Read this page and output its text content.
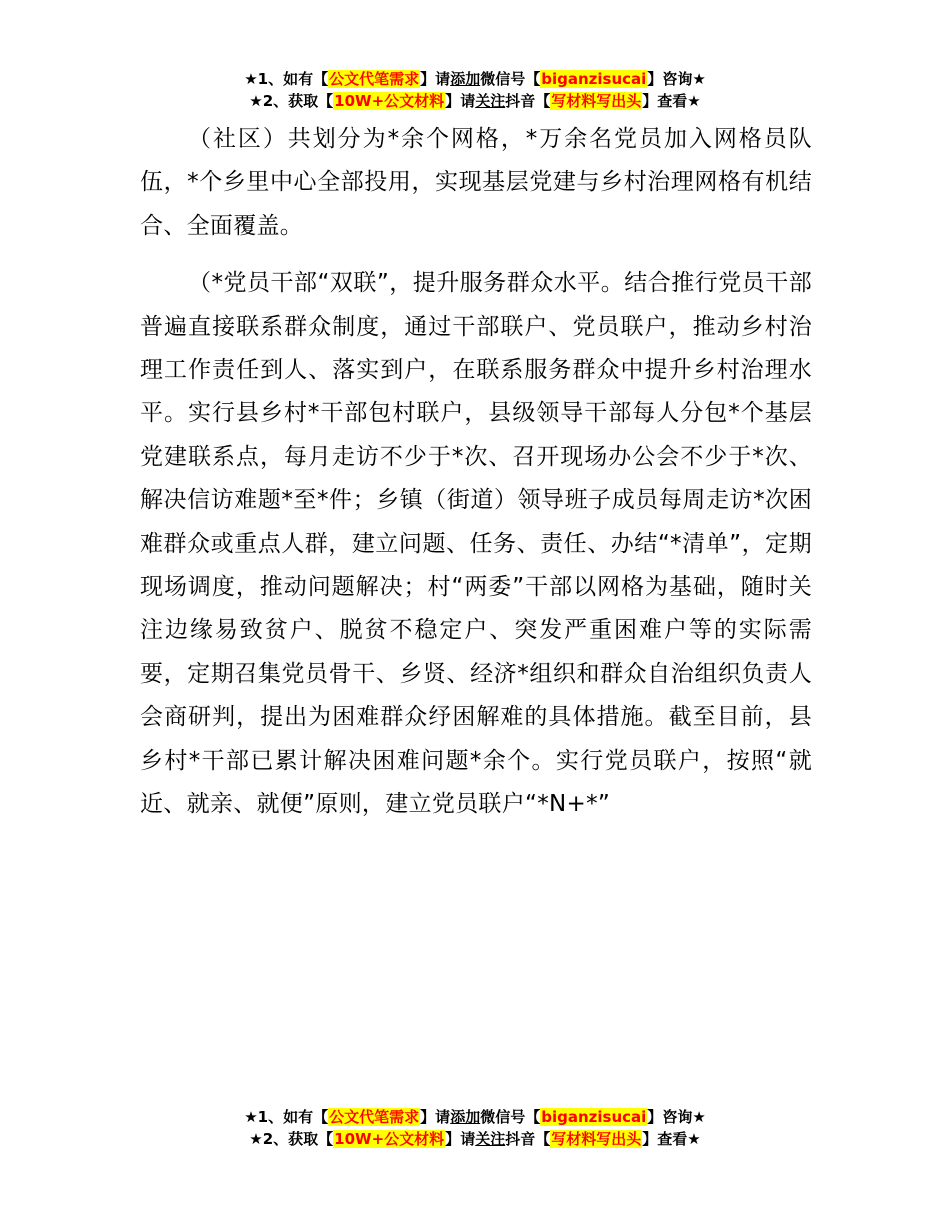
★1、如有【公文代笔需求】请添加微信号【biganzisucai】咨询★
★2、获取【10W+公文材料】请关注抖音【写材料写出头】查看★

（社区）共划分为*余个网格，*万余名党员加入网格员队伍，*个乡里中心全部投用，实现基层党建与乡村治理网格有机结合、全面覆盖。

（*党员干部“双联”，提升服务群众水平。结合推行党员干部普遍直接联系群众制度，通过干部联户、党员联户，推动乡村治理工作责任到人、落实到户，在联系服务群众中提升乡村治理水平。实行县乡村*干部包村联户，县级领导干部每人分包*个基层党建联系点，每月走访不少于*次、召开现场办公会不少于*次、解决信访难题*至*件；乡镇（街道）领导班子成员每周走访*次困难群众或重点人群，建立问题、任务、责任、办结“*清单”，定期现场调度，推动问题解决；村“两委”干部以网格为基础，随时关注边缘易致贫户、脱贫不稳定户、突发严重困难户等的实际需要，定期召集党员骨干、乡贤、经济*组织和群众自治组织负责人会商研判，提出为困难群众纾困解难的具体措施。截至目前，县乡村*干部已累计解决困难问题*余个。实行党员联户，按照“就近、就亲、就便”原则，建立党员联户“*N+*”

★1、如有【公文代笔需求】请添加微信号【biganzisucai】咨询★
★2、获取【10W+公文材料】请关注抖音【写材料写出头】查看★
